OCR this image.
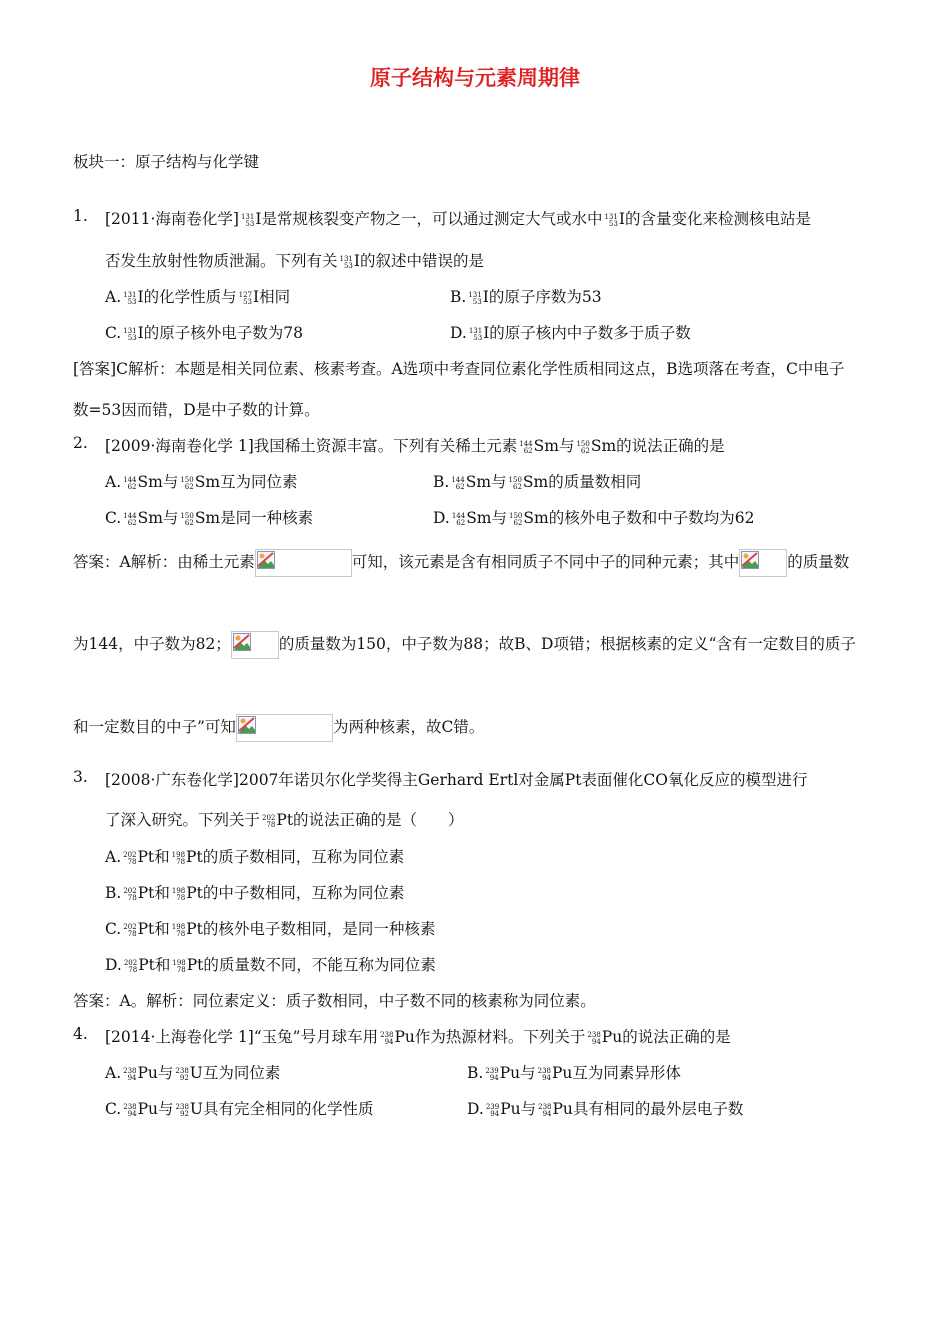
原子结构与元素周期律
板块一：原子结构与化学键
1. [2011·海南卷化学] 131
53 I是常规核裂变产物之一，可以通过测定大气或水中 131
53 I的含量变化来检测核电站是
否发生放射性物质泄漏。下列有关 131
53 I的叙述中错误的是
A. 131
53 I的化学性质与 127
53 I相同	B. 131
53 I的原子序数为53
C. 131
53 I的原子核外电子数为78	D. 131
53 I的原子核内中子数多于质子数
[答案]C解析：本题是相关同位素、核素考查。A选项中考查同位素化学性质相同这点，B选项落在考查，C中电子
数=53因而错，D是中子数的计算。
2. [2009·海南卷化学 1]我国稀土资源丰富。下列有关稀土元素 144
62 Sm与 150
62 Sm的说法正确的是
A. 144
62 Sm与 150
62 Sm互为同位素	B. 144
62 Sm与 150
62 Sm的质量数相同
C. 144
62 Sm与 150
62 Sm是同一种核素	D. 144
62 Sm与 150
62 Sm的核外电子数和中子数均为62
答案：A解析：由稀土元素	可知，该元素是含有相同质子不同中子的同种元素；其中	的质量数
为144，中子数为82；	的质量数为150，中子数为88；故B、D项错；根据核素的定义“含有一定数目的质子
和一定数目的中子”可知	为两种核素，故C错。
3. [2008·广东卷化学]2007年诺贝尔化学奖得主Gerhard Ertl对金属Pt表面催化CO氧化反应的模型进行
了深入研究。下列关于 202
78 Pt的说法正确的是（　　）
A. 202
78 Pt和 198
78 Pt的质子数相同，互称为同位素
B. 202
78 Pt和 198
78 Pt的中子数相同，互称为同位素
C. 202
78 Pt和 198
78 Pt的核外电子数相同，是同一种核素
D. 202
78 Pt和 198
78 Pt的质量数不同，不能互称为同位素
答案：A。解析：同位素定义：质子数相同，中子数不同的核素称为同位素。
4. [2014·上海卷化学 1]“玉兔”号月球车用 238
94 Pu作为热源材料。下列关于 238
94 Pu的说法正确的是
A. 238
94 Pu与 238
92 U互为同位素	B. 239
94 Pu与 238
94 Pu互为同素异形体
C. 238
94 Pu与 238
92 U具有完全相同的化学性质	D. 239
94 Pu与 238
94 Pu具有相同的最外层电子数
